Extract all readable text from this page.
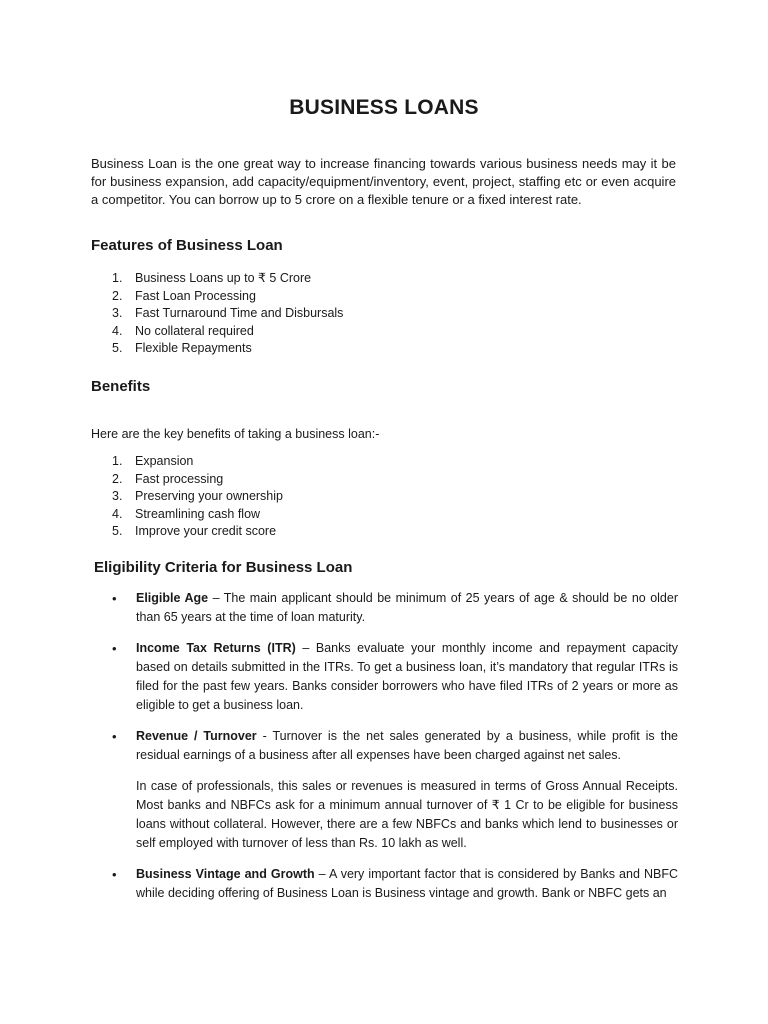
BUSINESS LOANS

Business Loan is the one great way to increase financing towards various business needs may it be for business expansion, add capacity/equipment/inventory, event, project, staffing etc or even acquire a competitor. You can borrow up to 5 crore on a flexible tenure or a fixed interest rate.

Features of Business Loan
1. Business Loans up to ₹ 5 Crore
2. Fast Loan Processing
3. Fast Turnaround Time and Disbursals
4. No collateral required
5. Flexible Repayments
Benefits
Here are the key benefits of taking a business loan:-
1. Expansion
2. Fast processing
3. Preserving your ownership
4. Streamlining cash flow
5. Improve your credit score
Eligibility Criteria for Business Loan
• Eligible Age – The main applicant should be minimum of 25 years of age & should be no older than 65 years at the time of loan maturity.
• Income Tax Returns (ITR) – Banks evaluate your monthly income and repayment capacity based on details submitted in the ITRs. To get a business loan, it’s mandatory that regular ITRs is filed for the past few years. Banks consider borrowers who have filed ITRs of 2 years or more as eligible to get a business loan.
• Revenue / Turnover - Turnover is the net sales generated by a business, while profit is the residual earnings of a business after all expenses have been charged against net sales.
In case of professionals, this sales or revenues is measured in terms of Gross Annual Receipts. Most banks and NBFCs ask for a minimum annual turnover of ₹ 1 Cr to be eligible for business loans without collateral. However, there are a few NBFCs and banks which lend to businesses or self employed with turnover of less than Rs. 10 lakh as well.
• Business Vintage and Growth – A very important factor that is considered by Banks and NBFC while deciding offering of Business Loan is Business vintage and growth. Bank or NBFC gets an
